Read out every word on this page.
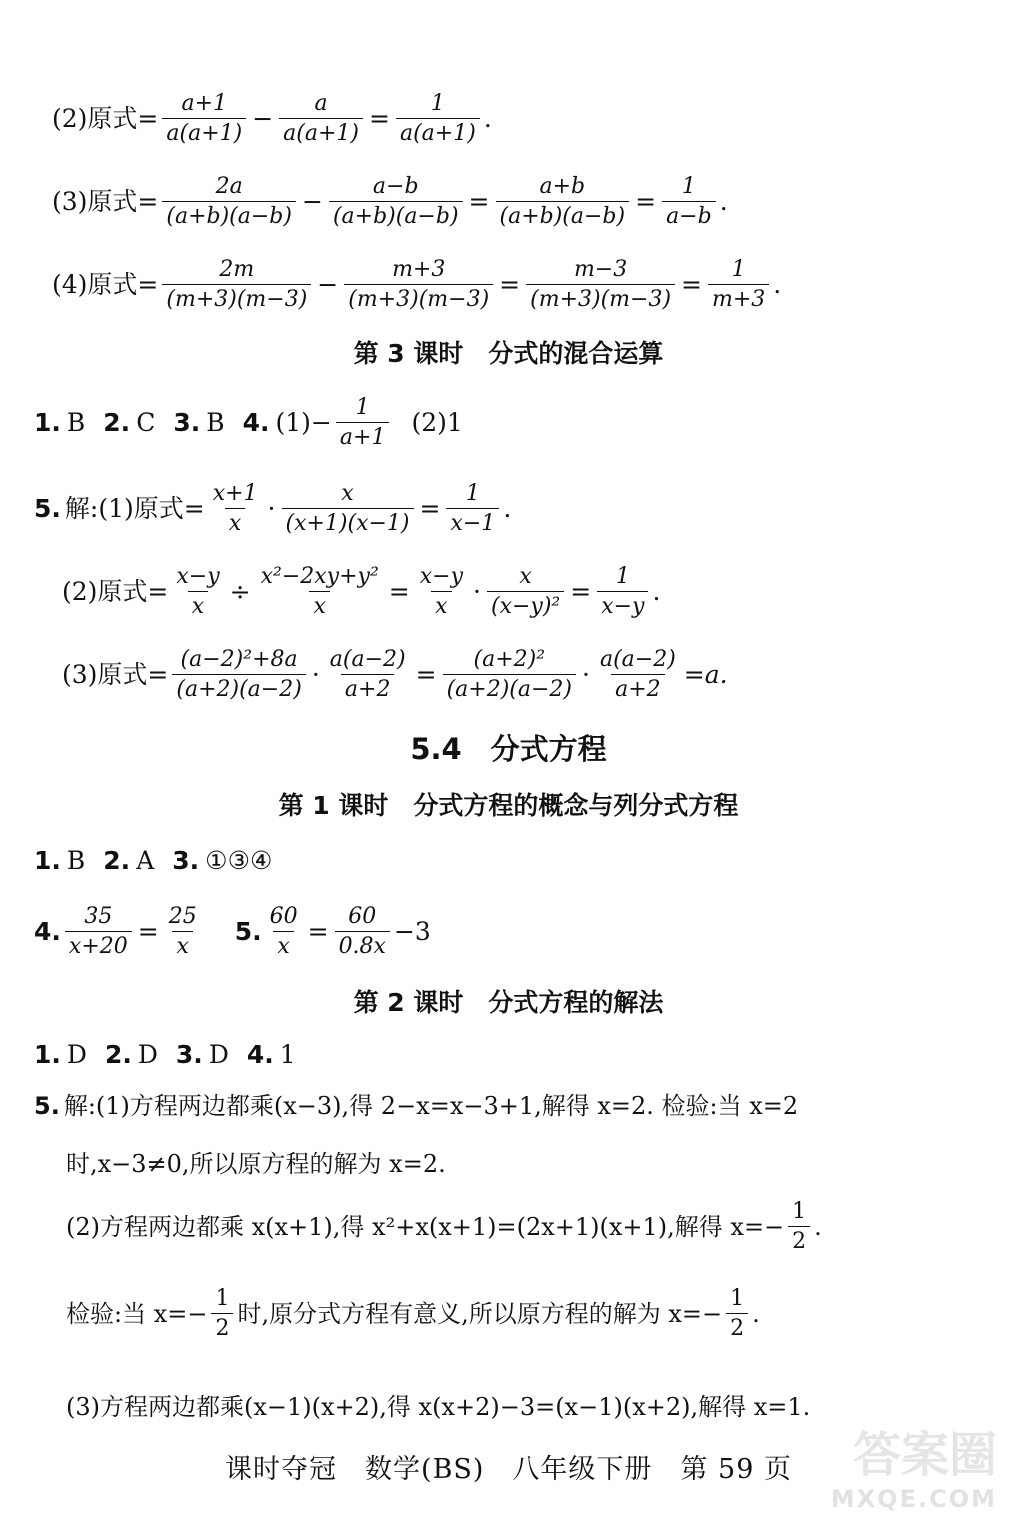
(2)原式= $\frac{a+1}{a(a+1)} - \frac{a}{a(a+1)} = \frac{1}{a(a+1)}$ .
(3)原式= $\frac{2a}{(a+b)(a-b)} - \frac{a-b}{(a+b)(a-b)} = \frac{a+b}{(a+b)(a-b)} = \frac{1}{a-b}$ .
(4)原式= $\frac{2m}{(m+3)(m-3)} - \frac{m+3}{(m+3)(m-3)} = \frac{m-3}{(m+3)(m-3)} = \frac{1}{m+3}$ .
第 3 课时　分式的混合运算
1. B 2. C 3. B 4. $(1)- \frac{1}{a+1} (2)1$
5. 解:(1)原式= $\frac{x+1}{x} \cdot \frac{x}{(x+1)(x-1)} = \frac{1}{x-1}$ .
(2)原式= $\frac{x-y}{x} \div \frac{\text{x²−2xy+y²}}{x} = \frac{x-y}{x} \cdot \frac{x}{\text{(x−y)²}} = \frac{1}{x-y}$ .
(3)原式= $\frac{\text{(a−2)²+8a}}{(a+2)(a-2)} \cdot \frac{a(a-2)}{a+2} = \frac{\text{(a+2)²}}{(a+2)(a-2)} \cdot \frac{a(a-2)}{a+2} =a$.
5.4　分式方程
第 1 课时　分式方程的概念与列分式方程
1. B 2. A 3. ①③④
4. $\frac{35}{x+20} = \frac{25}{x} 5$. $\frac{60}{x} = \frac{60}{0.8x} -3$
第 2 课时　分式方程的解法
1. D 2. D 3. D 4. 1
5. 解:(1)方程两边都乘(x−3),得 2−x=x−3+1,解得 x=2. 检验:当 x=2
时,x−3≠0,所以原方程的解为 x=2.
(2)方程两边都乘 x(x+1),得 x²+x(x+1)=(2x+1)(x+1),解得 $x=- \frac{1}{2}$ .
检验:当 $x=- \frac{1}{2}$ 时,原分式方程有意义,所以原方程的解为 $x=- \frac{1}{2}$ .
(3)方程两边都乘(x−1)(x+2),得 x(x+2)−3=(x−1)(x+2),解得 x=1.
课时夺冠　数学(BS)　八年级下册　第 59 页	答案圈
MXQE.COM
